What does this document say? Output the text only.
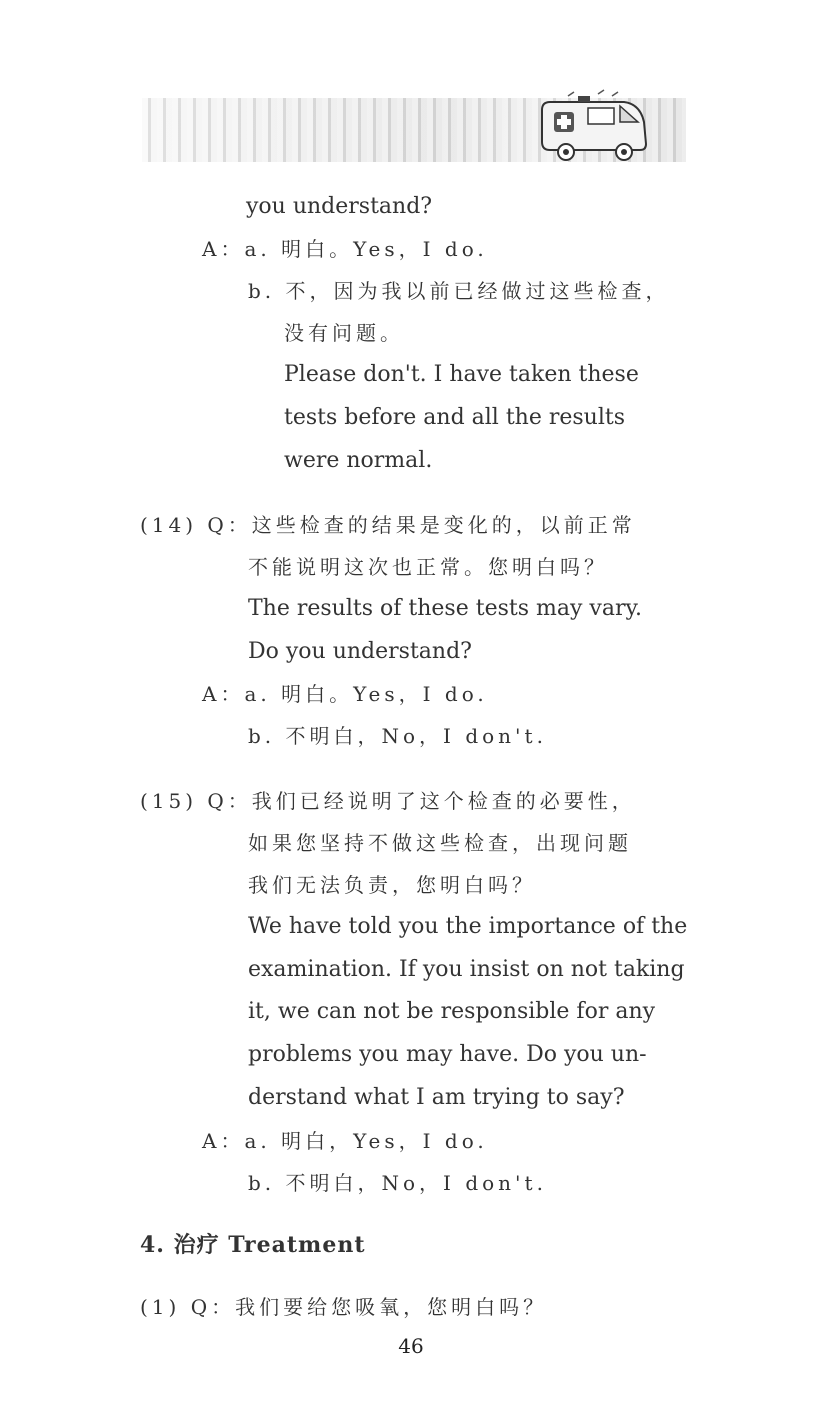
you understand?
A：a. 明白。Yes，I do.
b. 不，因为我以前已经做过这些检查，
没有问题。
Please don't. I have taken these
tests before and all the results
were normal.
(14) Q：这些检查的结果是变化的，以前正常
不能说明这次也正常。您明白吗？
The results of these tests may vary.
Do you understand?
A：a. 明白。Yes，I do.
b. 不明白，No，I don't.
(15) Q：我们已经说明了这个检查的必要性，
如果您坚持不做这些检查，出现问题
我们无法负责，您明白吗？
We have told you the importance of the
examination. If you insist on not taking
it, we can not be responsible for any
problems you may have. Do you un-
derstand what I am trying to say?
A：a. 明白，Yes，I do.
b. 不明白，No，I don't.
4. 治疗 Treatment
(1) Q：我们要给您吸氧，您明白吗？
46
